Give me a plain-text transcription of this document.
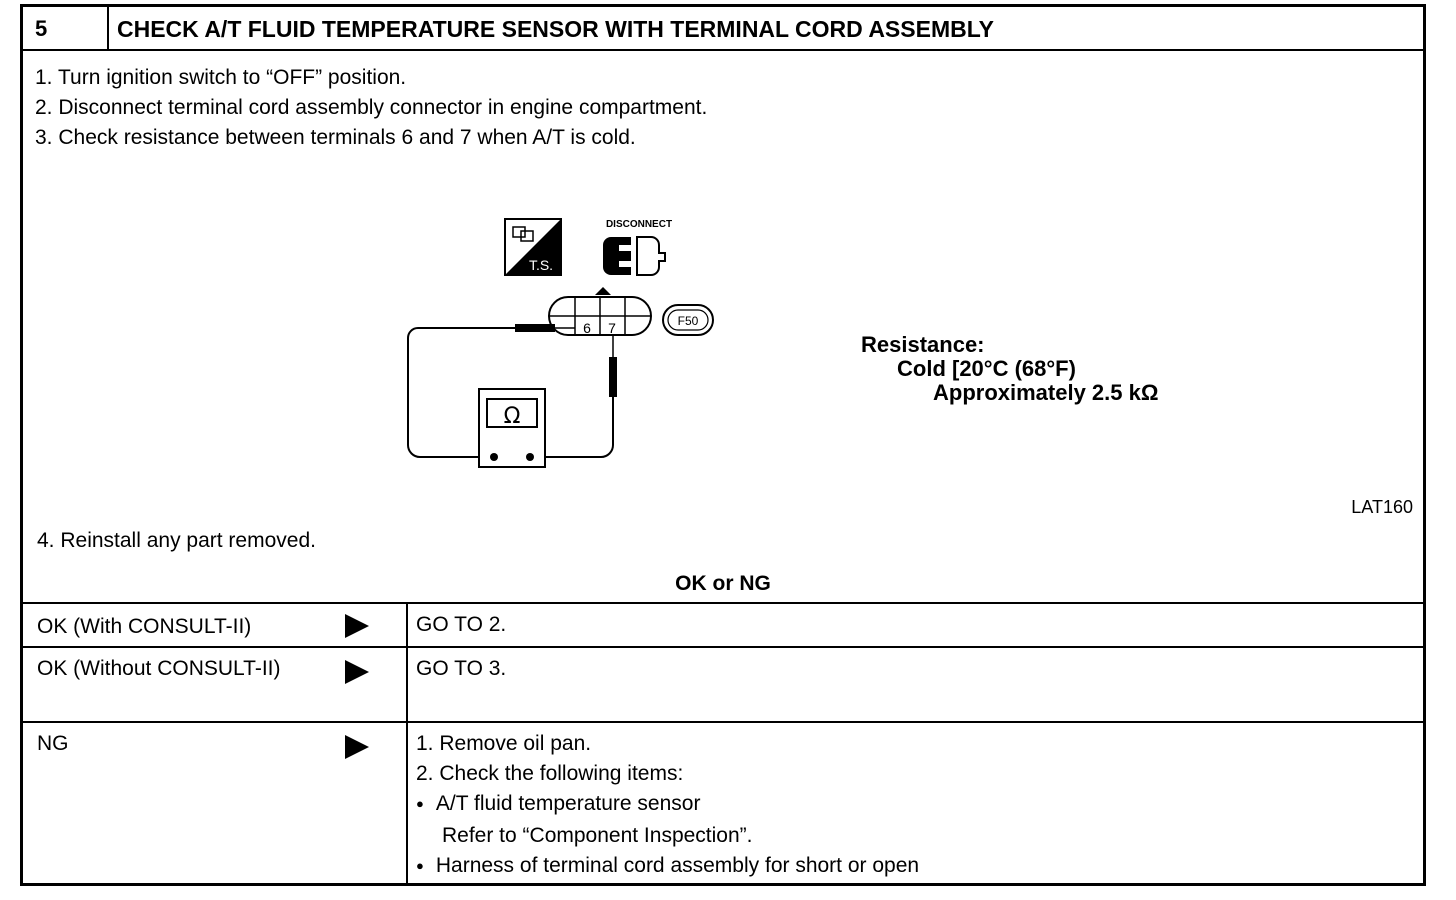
5	CHECK A/T FLUID TEMPERATURE SENSOR WITH TERMINAL CORD ASSEMBLY
1. Turn ignition switch to “OFF” position.
2. Disconnect terminal cord assembly connector in engine compartment.
3. Check resistance between terminals 6 and 7 when A/T is cold.
T.S.
DISCONNECT
6 7	F50
Ω
Resistance:
Cold [20°C (68°F)
Approximately 2.5 kΩ
LAT160
4. Reinstall any part removed.
OK or NG
OK (With CONSULT-II)	GO TO 2.
OK (Without CONSULT-II)	GO TO 3.
NG	1. Remove oil pan.
2. Check the following items:
● A/T fluid temperature sensor
Refer to “Component Inspection”.
● Harness of terminal cord assembly for short or open
